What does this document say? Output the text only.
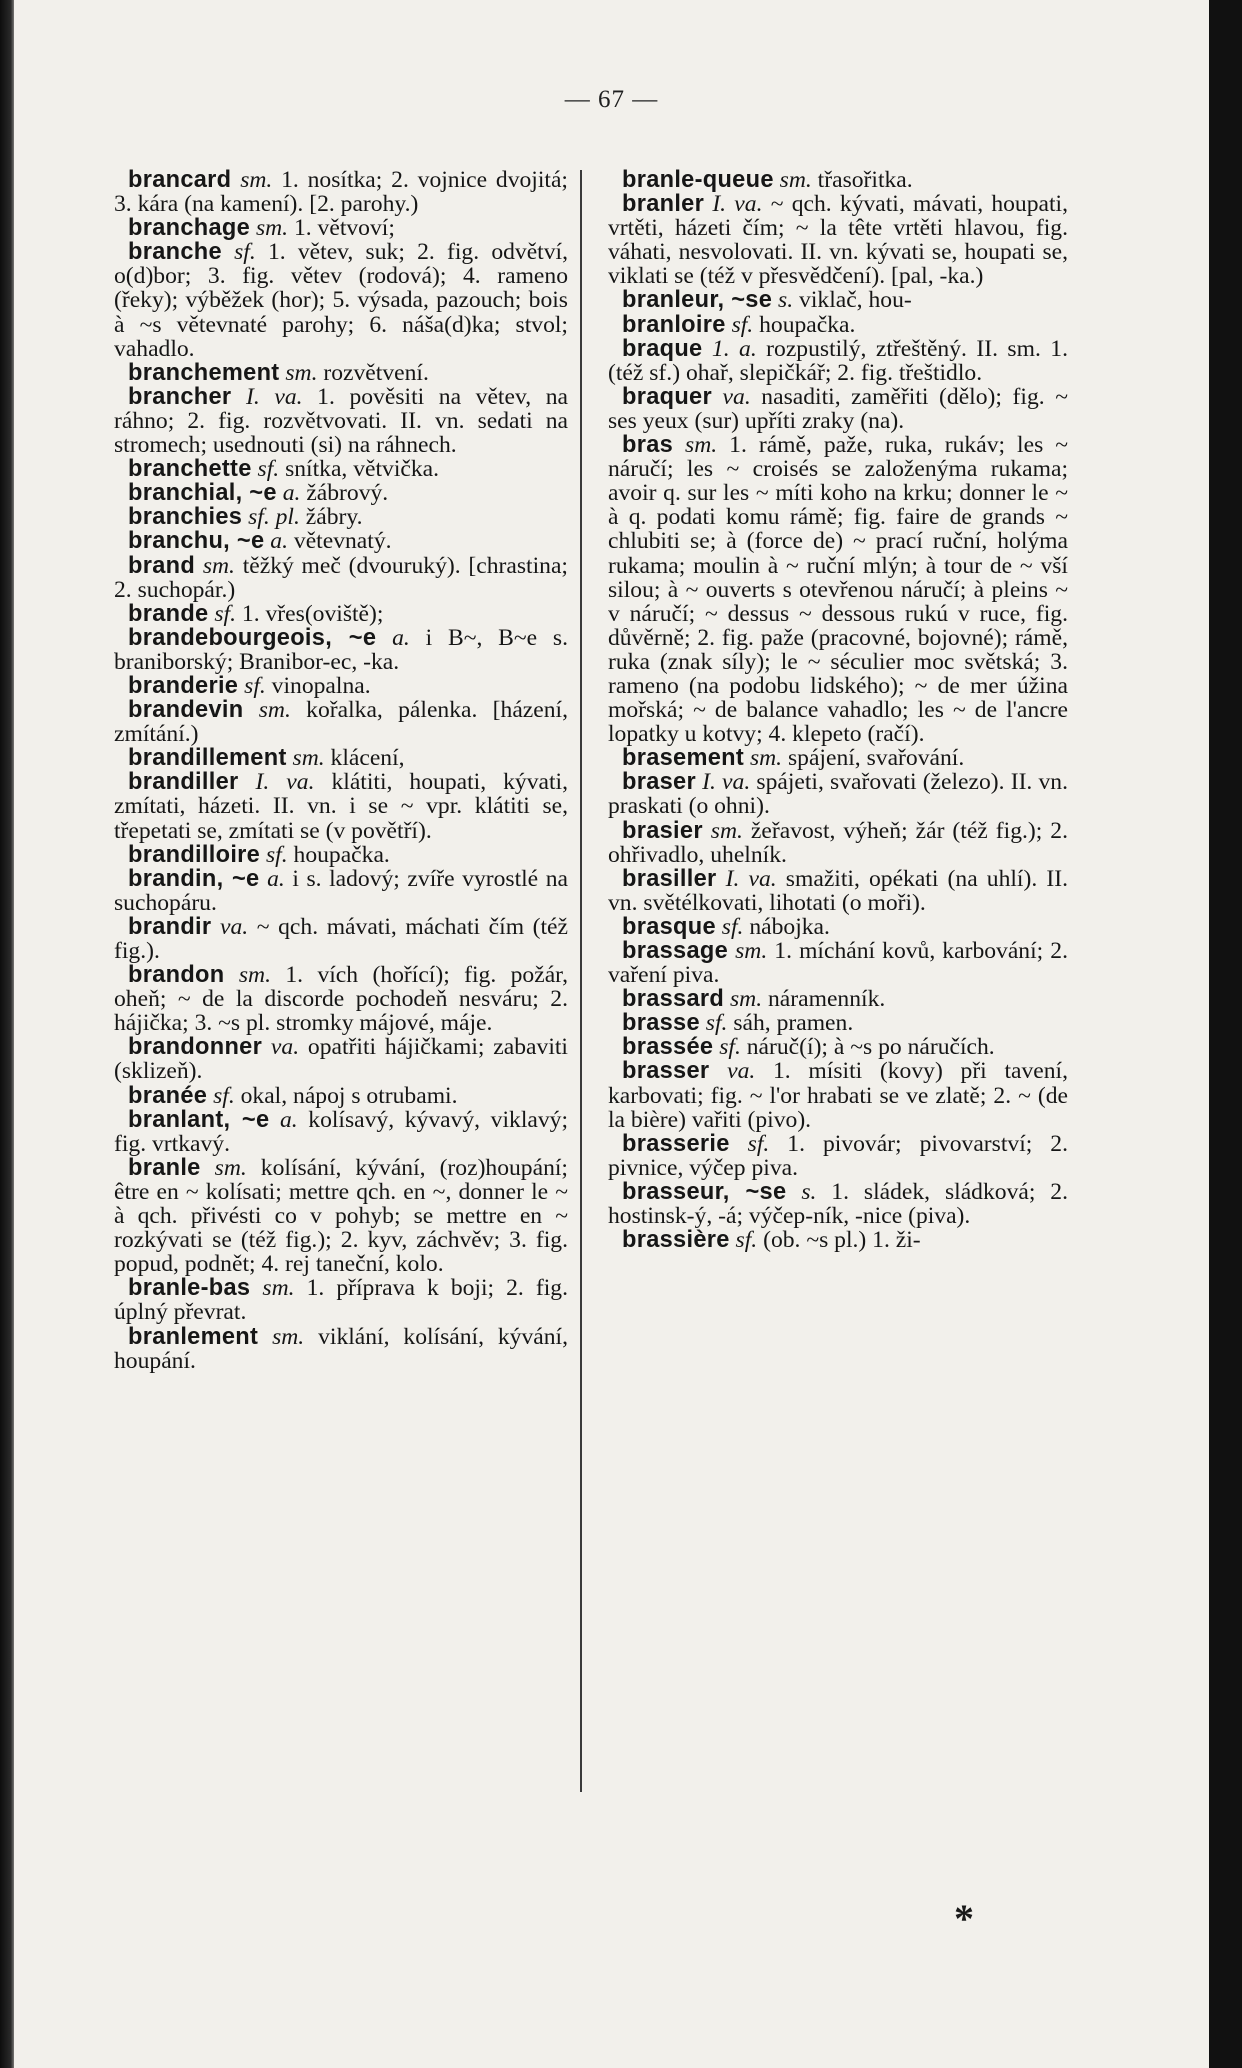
— 67 —

brancard sm. 1. nosítka; 2. vojnice dvojitá; 3. kára (na kamení). [2. parohy.)

branchage sm. 1. větvoví;

branche sf. 1. větev, suk; 2. fig. odvětví, o(d)bor; 3. fig. větev (rodová); 4. rameno (řeky); výběžek (hor); 5. výsada, pazouch; bois à ~s větevnaté parohy; 6. náša(d)ka; stvol; vahadlo.

branchement sm. rozvětvení.

brancher I. va. 1. pověsiti na větev, na ráhno; 2. fig. rozvětvovati. II. vn. sedati na stromech; usednouti (si) na ráhnech.

branchette sf. snítka, větvička.

branchial, ~e a. žábrový.

branchies sf. pl. žábry.

branchu, ~e a. větevnatý.

brand sm. těžký meč (dvouruký). [chrastina; 2. suchopár.)

brande sf. 1. vřes(oviště);

brandebourgeois, ~e a. i B~, B~e s. braniborský; Branibor-ec, -ka.

branderie sf. vinopalna.

brandevin sm. kořalka, pálenka. [házení, zmítání.)

brandillement sm. klácení,

brandiller I. va. klátiti, houpati, kývati, zmítati, házeti. II. vn. i se ~ vpr. klátiti se, třepetati se, zmítati se (v povětří).

brandilloire sf. houpačka.

brandin, ~e a. i s. ladový; zvíře vyrostlé na suchopáru.

brandir va. ~ qch. mávati, máchati čím (též fig.).

brandon sm. 1. vích (hořící); fig. požár, oheň; ~ de la discorde pochodeň nesváru; 2. hájička; 3. ~s pl. stromky májové, máje.

brandonner va. opatřiti hájičkami; zabaviti (sklizeň).

branée sf. okal, nápoj s otrubami.

branlant, ~e a. kolísavý, kývavý, viklavý; fig. vrtkavý.

branle sm. kolísání, kývání, (roz)houpání; être en ~ kolísati; mettre qch. en ~, donner le ~ à qch. přivésti co v pohyb; se mettre en ~ rozkývati se (též fig.); 2. kyv, záchvěv; 3. fig. popud, podnět; 4. rej taneční, kolo.

branle-bas sm. 1. příprava k boji; 2. fig. úplný převrat.

branlement sm. viklání, kolísání, kývání, houpání.

branle-queue sm. třasořitka.

branler I. va. ~ qch. kývati, mávati, houpati, vrtěti, házeti čím; ~ la tête vrtěti hlavou, fig. váhati, nesvolovati. II. vn. kývati se, houpati se, viklati se (též v přesvědčení). [pal, -ka.)

branleur, ~se s. viklač, hou-

branloire sf. houpačka.

braque 1. a. rozpustilý, ztřeštěný. II. sm. 1. (též sf.) ohař, slepičkář; 2. fig. třeštidlo.

braquer va. nasaditi, zaměřiti (dělo); fig. ~ ses yeux (sur) upříti zraky (na).

bras sm. 1. rámě, paže, ruka, rukáv; les ~ náručí; les ~ croisés se založenýma rukama; avoir q. sur les ~ míti koho na krku; donner le ~ à q. podati komu rámě; fig. faire de grands ~ chlubiti se; à (force de) ~ prací ruční, holýma rukama; moulin à ~ ruční mlýn; à tour de ~ vší silou; à ~ ouverts s otevřenou náručí; à pleins ~ v náručí; ~ dessus ~ dessous rukú v ruce, fig. důvěrně; 2. fig. paže (pracovné, bojovné); rámě, ruka (znak síly); le ~ séculier moc světská; 3. rameno (na podobu lidského); ~ de mer úžina mořská; ~ de balance vahadlo; les ~ de l'ancre lopatky u kotvy; 4. klepeto (račí).

brasement sm. spájení, svařování.

braser I. va. spájeti, svařovati (železo). II. vn. praskati (o ohni).

brasier sm. žeřavost, výheň; žár (též fig.); 2. ohřivadlo, uhelník.

brasiller I. va. smažiti, opékati (na uhlí). II. vn. světélkovati, lihotati (o moři).

brasque sf. nábojka.

brassage sm. 1. míchání kovů, karbování; 2. vaření piva.

brassard sm. náramenník.

brasse sf. sáh, pramen.

brassée sf. náruč(í); à ~s po náručích.

brasser va. 1. mísiti (kovy) při tavení, karbovati; fig. ~ l'or hrabati se ve zlatě; 2. ~ (de la bière) vařiti (pivo).

brasserie sf. 1. pivovár; pivovarství; 2. pivnice, výčep piva.

brasseur, ~se s. 1. sládek, sládková; 2. hostinsk-ý, -á; výčep-ník, -nice (piva).

brassière sf. (ob. ~s pl.) 1. ži-

*
